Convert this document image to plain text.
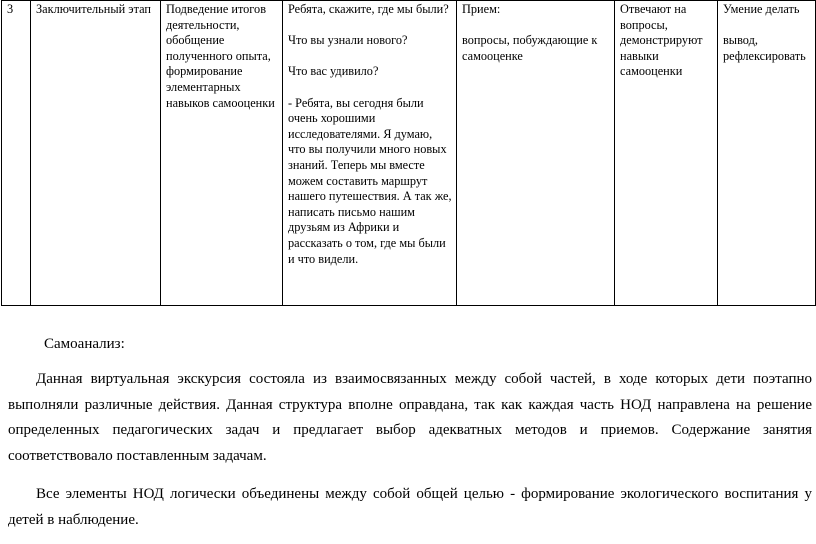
3	Заключительный этап	Подведение итогов деятельности, обобщение полученного опыта, формирование элементарных навыков самооценки	Ребята, скажите, где мы были?

Что вы узнали нового?

Что вас удивило?

- Ребята, вы сегодня были очень хорошими исследователями. Я думаю, что вы получили много новых знаний. Теперь мы вместе можем составить маршрут нашего путешествия. А так же, написать письмо нашим друзьям из Африки и рассказать о том, где мы были и что видели.	Прием:

вопросы, побуждающие к самооценке	Отвечают на вопросы, демонстрируют навыки самооценки	Умение делать

вывод, рефлексировать

Самоанализ:

Данная виртуальная экскурсия состояла из взаимосвязанных между собой частей, в ходе которых дети поэтапно выполняли различные действия. Данная структура вполне оправдана, так как каждая часть НОД направлена на решение определенных педагогических задач и предлагает выбор адекватных методов и приемов. Содержание занятия соответствовало поставленным задачам.

Все элементы НОД логически объединены между собой общей целью - формирование экологического воспитания у детей в наблюдение.
